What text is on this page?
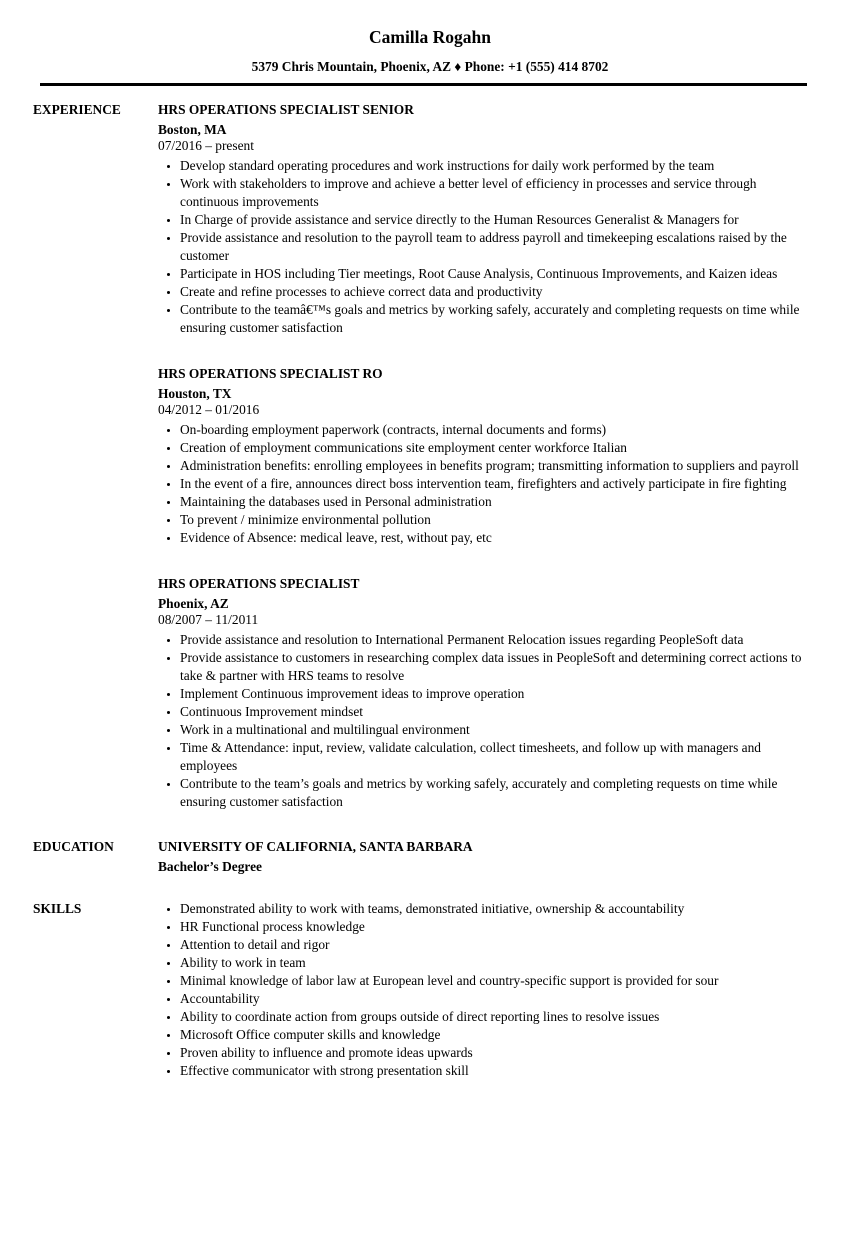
Camilla Rogahn
5379 Chris Mountain, Phoenix, AZ ♦ Phone: +1 (555) 414 8702
EXPERIENCE	HRS OPERATIONS SPECIALIST SENIOR
Boston, MA
07/2016 – present
• Develop standard operating procedures and work instructions for daily work performed by the team
• Work with stakeholders to improve and achieve a better level of efficiency in processes and service through continuous improvements
• In Charge of provide assistance and service directly to the Human Resources Generalist & Managers for
• Provide assistance and resolution to the payroll team to address payroll and timekeeping escalations raised by the customer
• Participate in HOS including Tier meetings, Root Cause Analysis, Continuous Improvements, and Kaizen ideas
• Create and refine processes to achieve correct data and productivity
• Contribute to the teamâ€™s goals and metrics by working safely, accurately and completing requests on time while ensuring customer satisfaction
HRS OPERATIONS SPECIALIST RO
Houston, TX
04/2012 – 01/2016
• On-boarding employment paperwork (contracts, internal documents and forms)
• Creation of employment communications site employment center workforce Italian
• Administration benefits: enrolling employees in benefits program; transmitting information to suppliers and payroll
• In the event of a fire, announces direct boss intervention team, firefighters and actively participate in fire fighting
• Maintaining the databases used in Personal administration
• To prevent / minimize environmental pollution
• Evidence of Absence: medical leave, rest, without pay, etc
HRS OPERATIONS SPECIALIST
Phoenix, AZ
08/2007 – 11/2011
• Provide assistance and resolution to International Permanent Relocation issues regarding PeopleSoft data
• Provide assistance to customers in researching complex data issues in PeopleSoft and determining correct actions to take & partner with HRS teams to resolve
• Implement Continuous improvement ideas to improve operation
• Continuous Improvement mindset
• Work in a multinational and multilingual environment
• Time & Attendance: input, review, validate calculation, collect timesheets, and follow up with managers and employees
• Contribute to the team’s goals and metrics by working safely, accurately and completing requests on time while ensuring customer satisfaction
EDUCATION	UNIVERSITY OF CALIFORNIA, SANTA BARBARA
Bachelor’s Degree
SKILLS	• Demonstrated ability to work with teams, demonstrated initiative, ownership & accountability
• HR Functional process knowledge
• Attention to detail and rigor
• Ability to work in team
• Minimal knowledge of labor law at European level and country-specific support is provided for sour
• Accountability
• Ability to coordinate action from groups outside of direct reporting lines to resolve issues
• Microsoft Office computer skills and knowledge
• Proven ability to influence and promote ideas upwards
• Effective communicator with strong presentation skill
